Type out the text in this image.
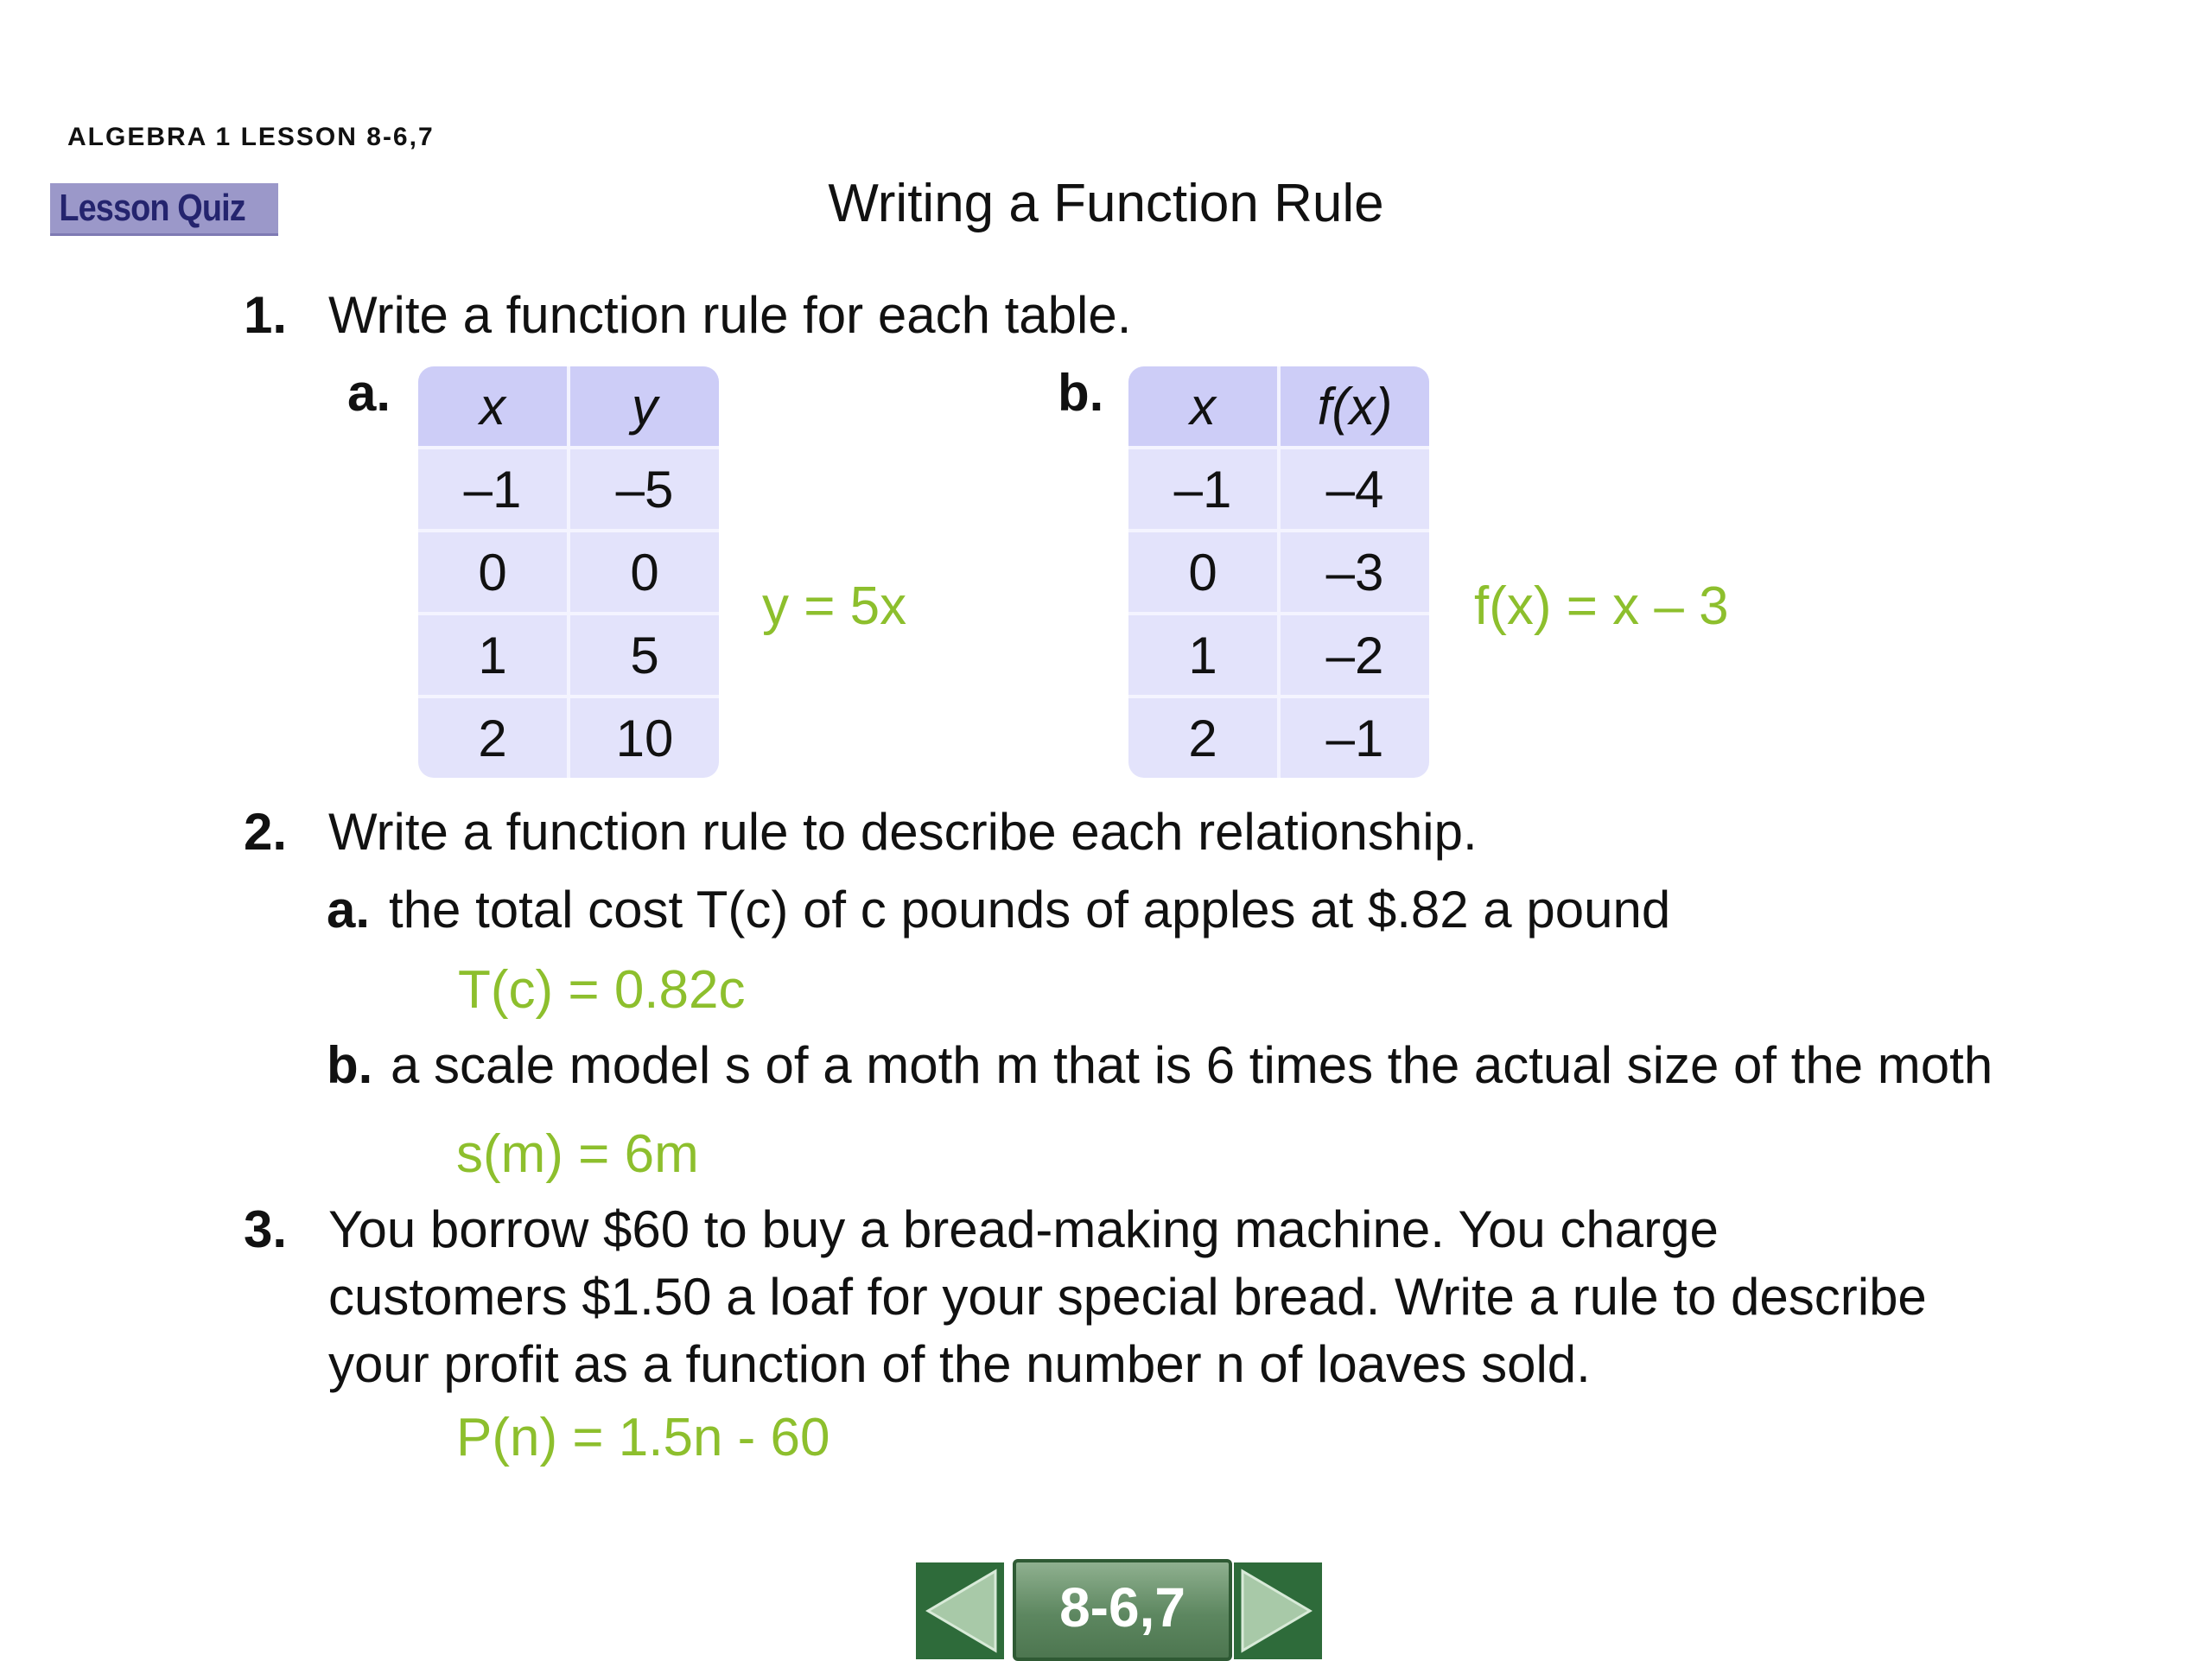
ALGEBRA 1 LESSON 8-6,7
Lesson Quiz	Writing a Function Rule
1. Write a function rule for each table.
a. x	y
–1	–5
0	0
1	5
2	10
y = 5x
b. x	f(x)
–1	–4
0	–3
1	–2
2	–1
f(x) = x – 3
2. Write a function rule to describe each relationship.
a. the total cost T(c) of c pounds of apples at $.82 a pound
T(c) = 0.82c
b. a scale model s of a moth m that is 6 times the actual size of the moth
s(m) = 6m
3. You borrow $60 to buy a bread-making machine. You charge
customers $1.50 a loaf for your special bread. Write a rule to describe
your profit as a function of the number n of loaves sold.
P(n) = 1.5n - 60
8-6,7
